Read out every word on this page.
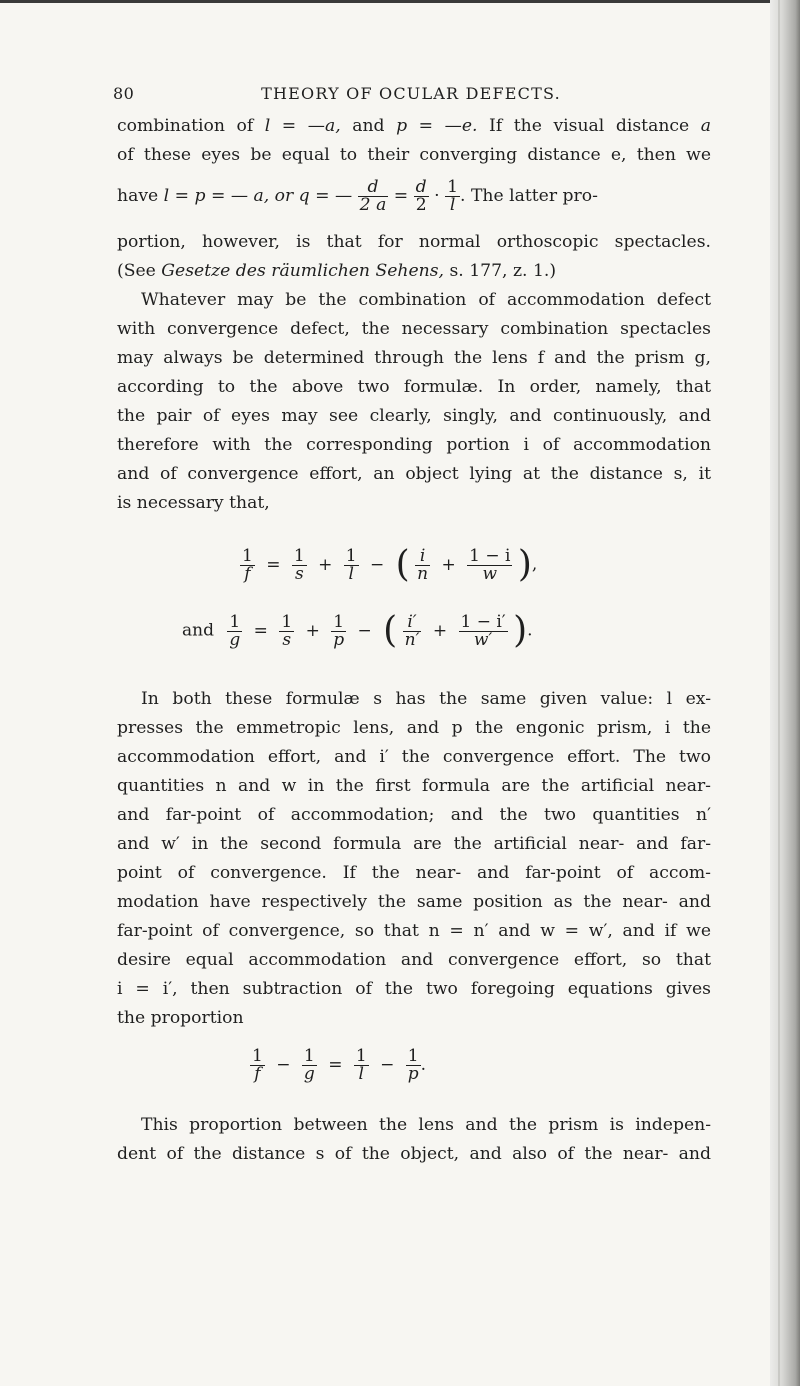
80	THEORY OF OCULAR DEFECTS.
combination of l = —a, and p = —e. If the visual distance a
of these eyes be equal to their converging distance e, then we
have l = p = — a, or q = — $\frac{d}{2 a} = \frac{d}{2} \cdot \frac{1}{l}$ . The latter pro-
portion, however, is that for normal orthoscopic spectacles.
(See Gesetze des räumlichen Sehens, s. 177, z. 1.)
Whatever may be the combination of accommodation defect
with convergence defect, the necessary combination spectacles
may always be determined through the lens f and the prism g,
according to the above two formulæ. In order, namely, that
the pair of eyes may see clearly, singly, and continuously, and
therefore with the corresponding portion i of accommodation
and of convergence effort, an object lying at the distance s, it
is necessary that,
$\frac{1}{f} = \frac{1}{s} + \frac{1}{l}$ − ( $\frac{i}{n} + \frac{1 - i}{w}$ ),
and $\frac{1}{g} = \frac{1}{s} + \frac{1}{p}$ − ( $\frac{i'}{n'} + \frac{1 - i'}{w'}$ ).
In both these formulæ s has the same given value: l ex-
presses the emmetropic lens, and p the engonic prism, i the
accommodation effort, and i′ the convergence effort. The two
quantities n and w in the first formula are the artificial near-
and far-point of accommodation; and the two quantities n′
and w′ in the second formula are the artificial near- and far-
point of convergence. If the near- and far-point of accom-
modation have respectively the same position as the near- and
far-point of convergence, so that n = n′ and w = w′, and if we
desire equal accommodation and convergence effort, so that
i = i′, then subtraction of the two foregoing equations gives
the proportion
$\frac{1}{f} - \frac{1}{g} = \frac{1}{l} - \frac{1}{p}$ .
This proportion between the lens and the prism is indepen-
dent of the distance s of the object, and also of the near- and
